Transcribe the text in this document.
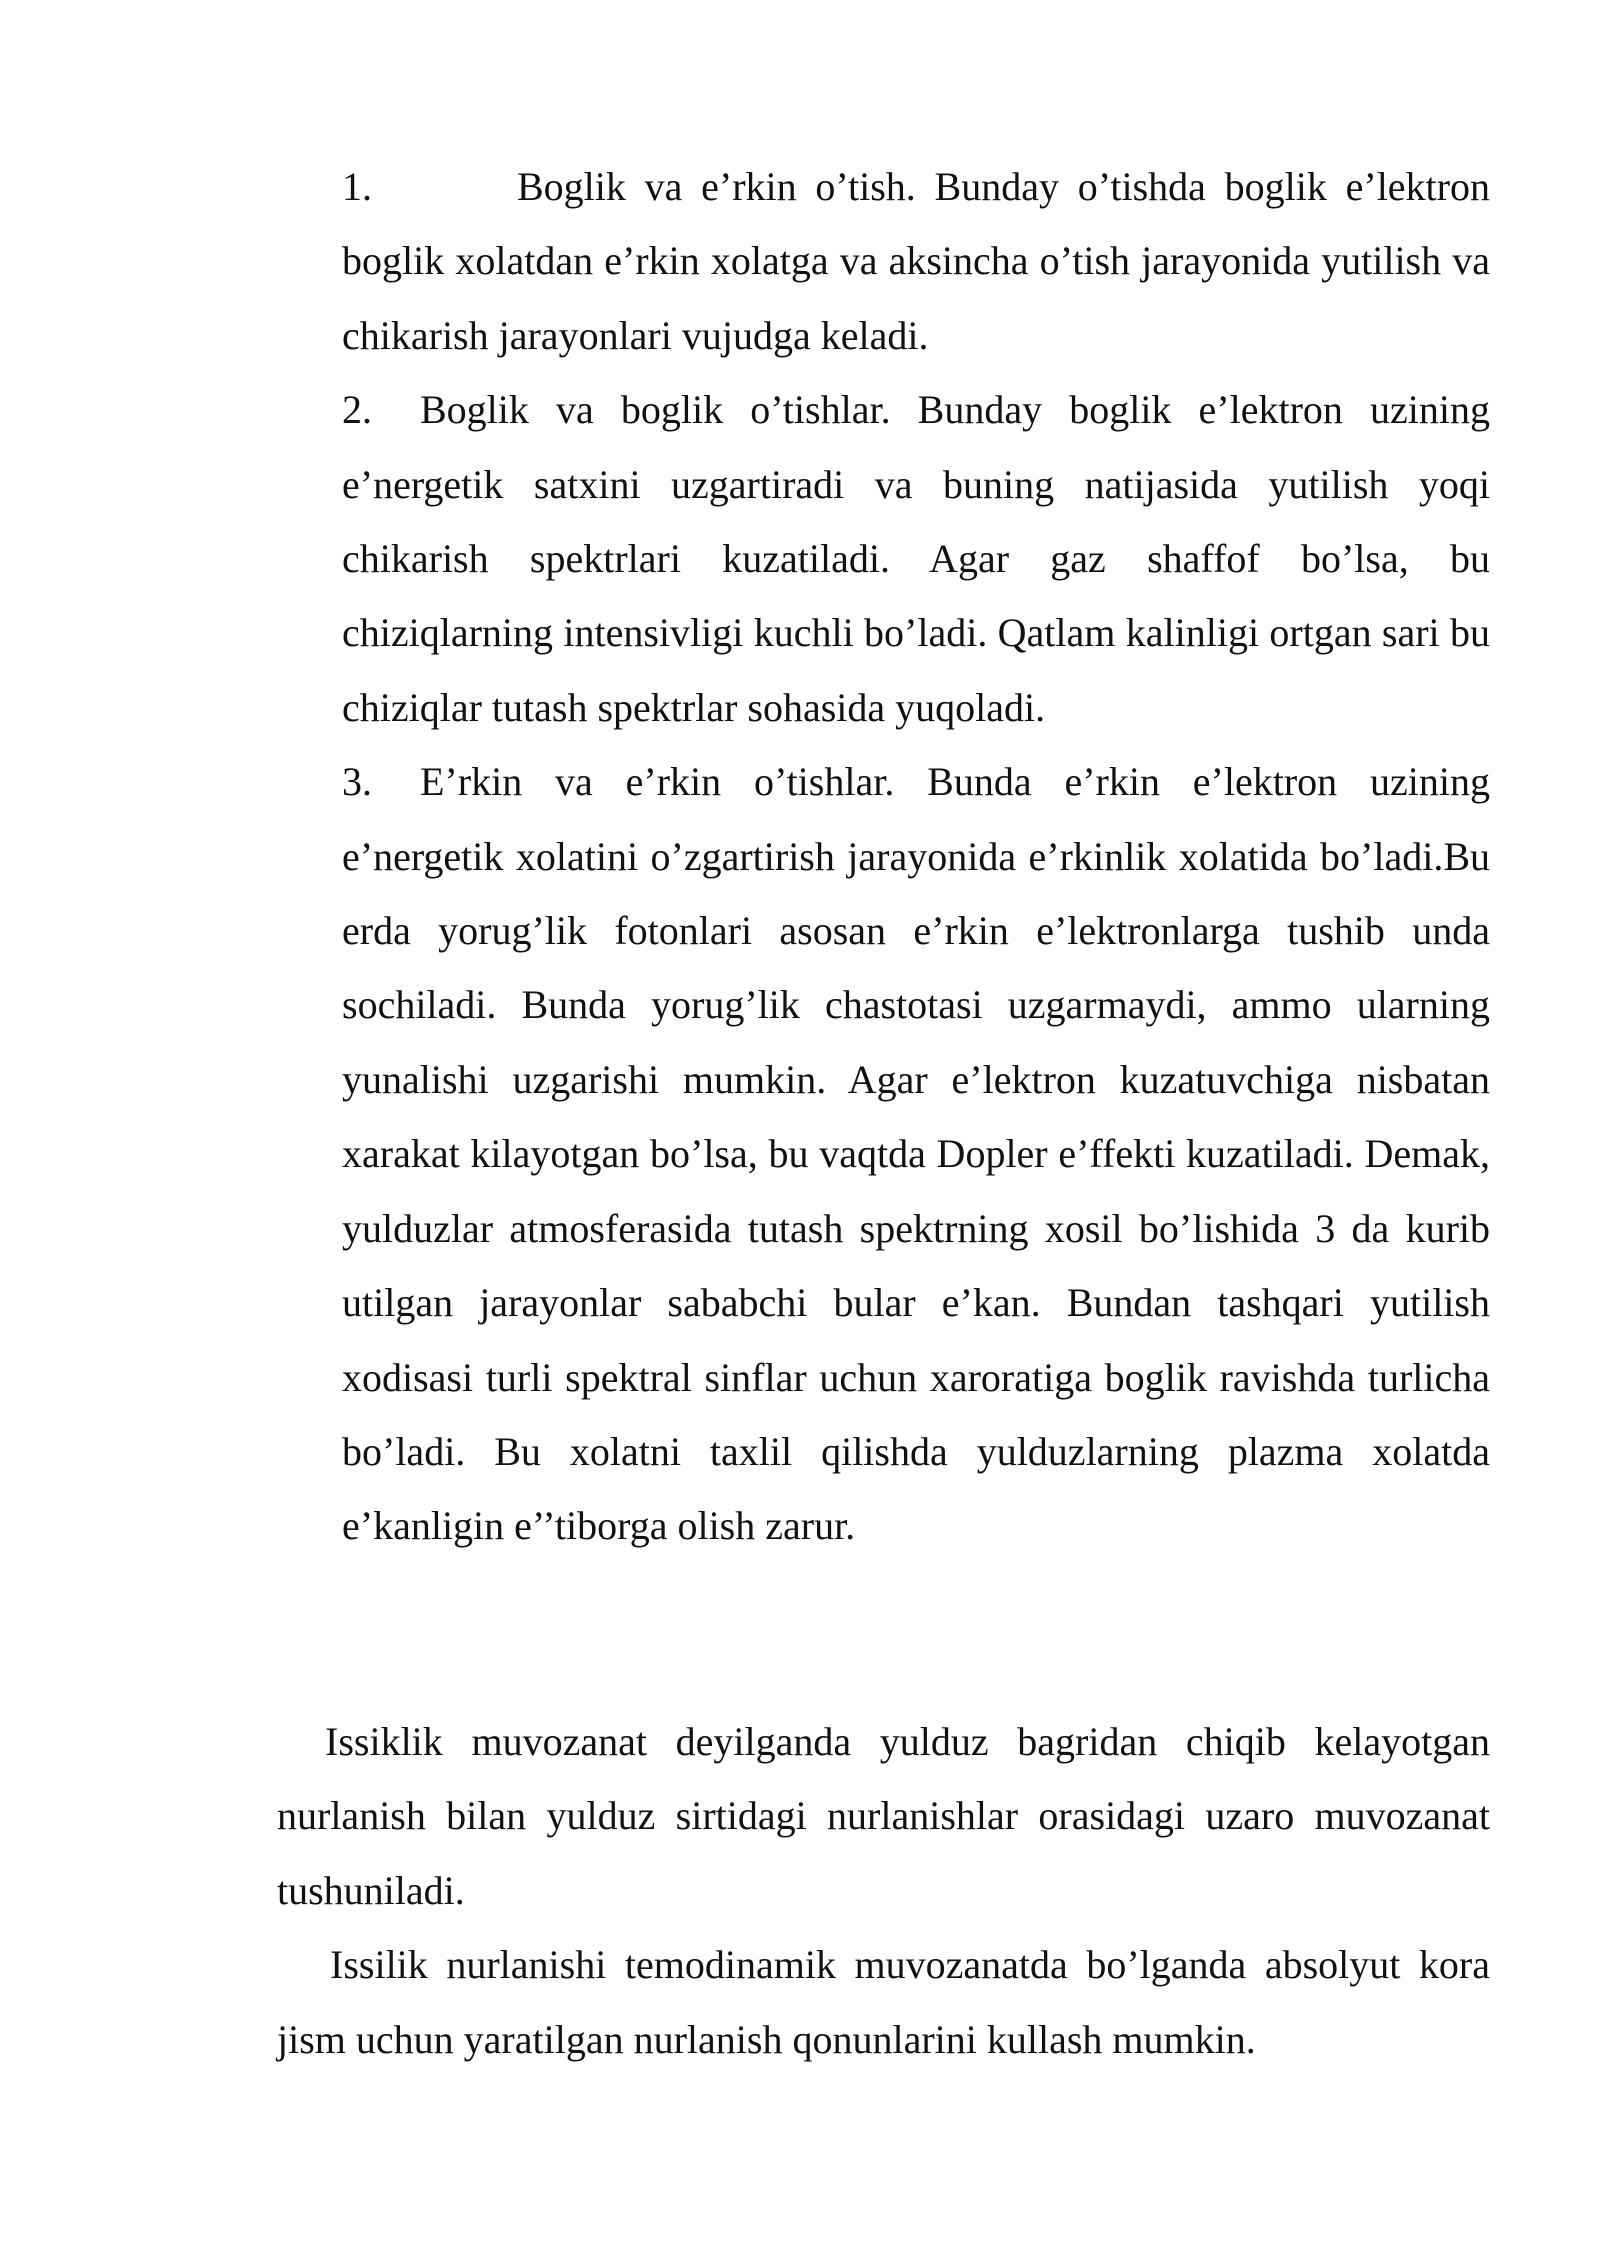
1.	Boglik va e’rkin o’tish. Bunday o’tishda boglik e’lektron boglik xolatdan e’rkin xolatga va aksincha o’tish jarayonida yutilish va chikarish jarayonlari vujudga keladi.

2. Boglik va boglik o’tishlar. Bunday boglik e’lektron uzining e’nergetik satxini uzgartiradi va buning natijasida yutilish yoqi chikarish spektrlari kuzatiladi. Agar gaz shaffof bo’lsa, bu chiziqlarning intensivligi kuchli bo’ladi. Qatlam kalinligi ortgan sari bu chiziqlar tutash spektrlar sohasida yuqoladi.

3. E’rkin va e’rkin o’tishlar. Bunda e’rkin e’lektron uzining e’nergetik xolatini o’zgartirish jarayonida e’rkinlik xolatida bo’ladi.Bu erda yorug’lik fotonlari asosan e’rkin e’lektronlarga tushib unda sochiladi. Bunda yorug’lik chastotasi uzgarmaydi, ammo ularning yunalishi uzgarishi mumkin. Agar e’lektron kuzatuvchiga nisbatan xarakat kilayotgan bo’lsa, bu vaqtda Dopler e’ffekti kuzatiladi. Demak, yulduzlar atmosferasida tutash spektrning xosil bo’lishida 3 da kurib utilgan jarayonlar sababchi bular e’kan. Bundan tashqari yutilish xodisasi turli spektral sinflar uchun xaroratiga boglik ravishda turlicha bo’ladi. Bu xolatni taxlil qilishda yulduzlarning plazma xolatda e’kanligin e’’tiborga olish zarur.

Issiklik muvozanat deyilganda yulduz bagridan chiqib kelayotgan nurlanish bilan yulduz sirtidagi nurlanishlar orasidagi uzaro muvozanat tushuniladi.

Issilik nurlanishi temodinamik muvozanatda bo’lganda absolyut kora jism uchun yaratilgan nurlanish qonunlarini kullash mumkin.
